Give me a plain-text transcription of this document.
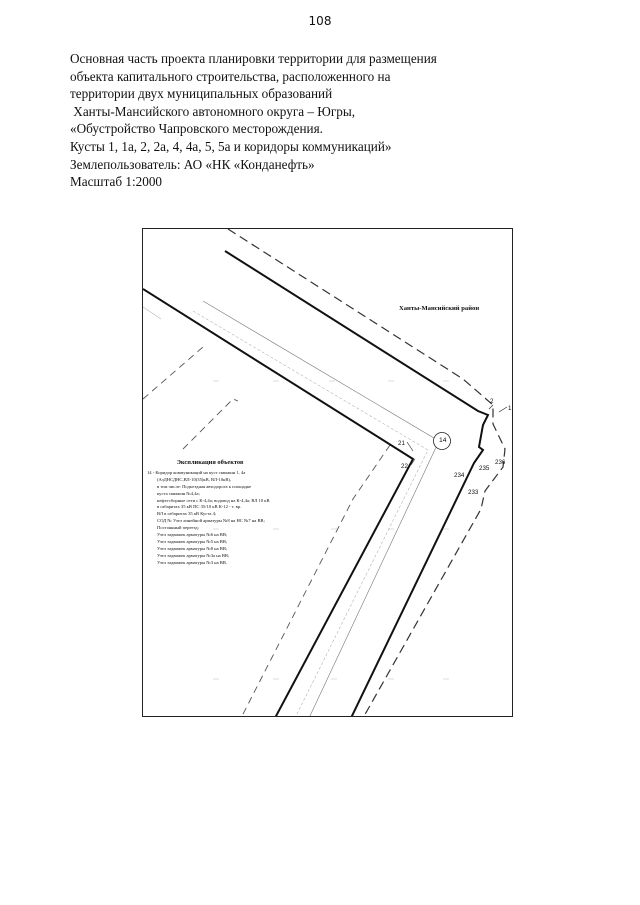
108
Основная часть проекта планировки территории для размещения
объекта капитального строительства, расположенного на
территории двух муниципальных образований
Ханты-Мансийского автономного округа – Югры,
«Обустройство Чапровского месторождения.
Кусты 1, 1а, 2, 2а, 4, 4а, 5, 5а и коридоры коммуникаций»
Землепользователь: АО «НК «Конданефть»
Масштаб 1:2000
Ханты-Мансийский район
14
1
2
21
22
234
235
236
233
Экспликация объектов
14 - Коридор коммуникаций на куст скважин 1, 4а
(АзДНСДНС,ВЛ-10(35)кВ, ВЛ-10кВ),
в том числе: Подъездная автодорога к площадке
куста скважин №4,4а;
нефтесборные сети с К-4,4а; водовод на К-4,4а; ВЛ 10 кВ
в габаритах 35 кВ ПС 35/10 кВ К-12 - т. вр.
ВЛ в габаритах 35 кВ Куста 4;
СОД № Узел линейной арматуры №8 на НС №7 на ВВ;
Постоянный переезд;
Узел задвижек арматуры №6 на ВВ;
Узел задвижек арматуры №5 на ВВ;
Узел задвижек арматуры №8 на ВВ;
Узел задвижек арматуры №3а на ВВ;
Узел задвижек арматуры №3 на ВВ.
